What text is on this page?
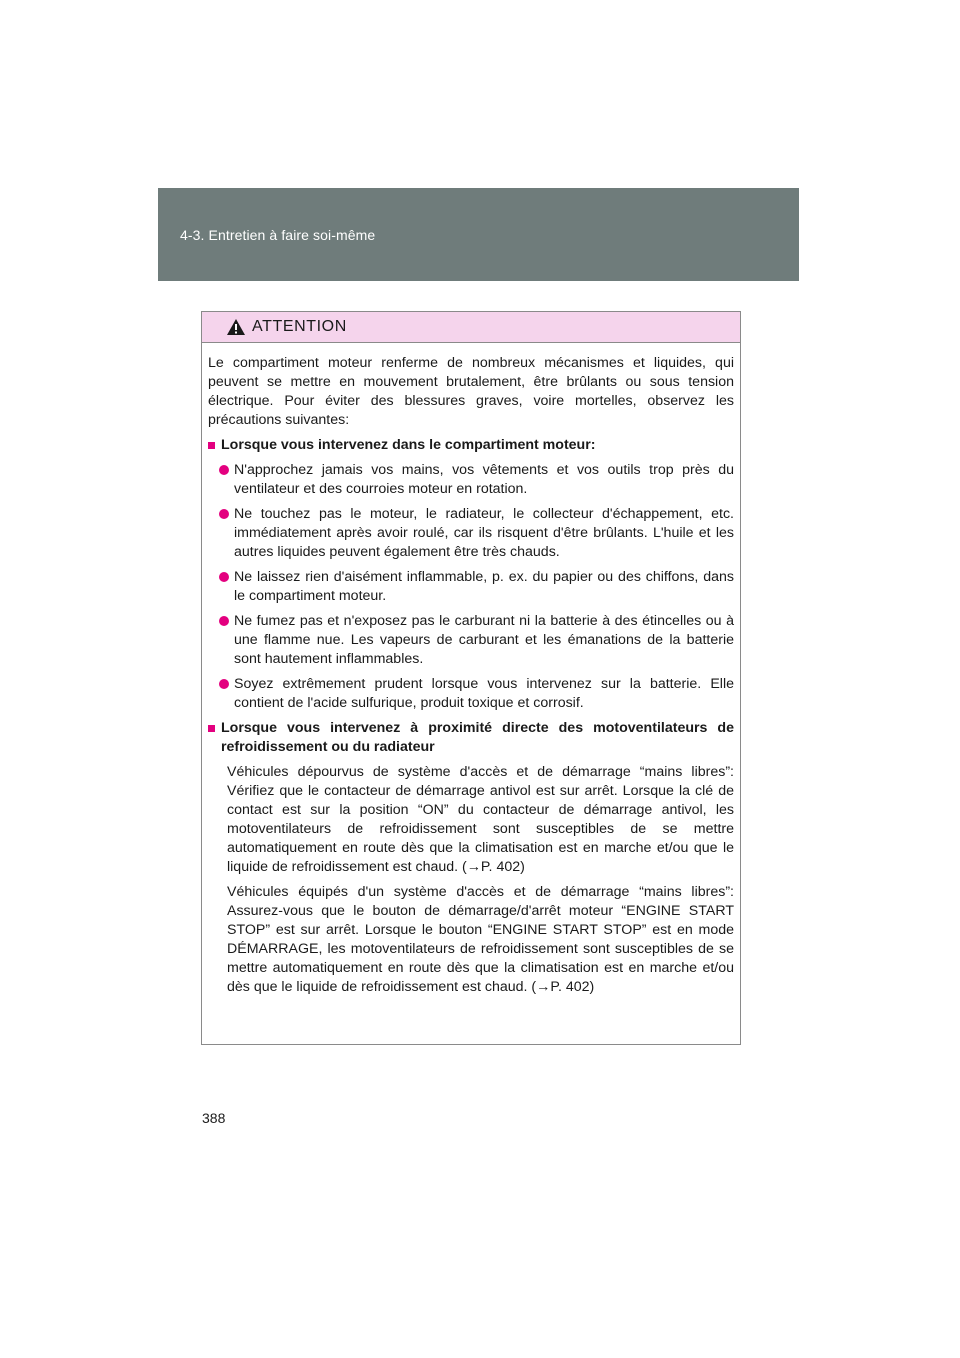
4-3. Entretien à faire soi-même
ATTENTION

Le compartiment moteur renferme de nombreux mécanismes et liquides, qui peuvent se mettre en mouvement brutalement, être brûlants ou sous tension électrique. Pour éviter des blessures graves, voire mortelles, observez les précautions suivantes:

Lorsque vous intervenez dans le compartiment moteur:
N'approchez jamais vos mains, vos vêtements et vos outils trop près du ventilateur et des courroies moteur en rotation.
Ne touchez pas le moteur, le radiateur, le collecteur d'échappement, etc. immédiatement après avoir roulé, car ils risquent d'être brûlants. L'huile et les autres liquides peuvent également être très chauds.
Ne laissez rien d'aisément inflammable, p. ex. du papier ou des chiffons, dans le compartiment moteur.
Ne fumez pas et n'exposez pas le carburant ni la batterie à des étincelles ou à une flamme nue. Les vapeurs de carburant et les émanations de la batterie sont hautement inflammables.
Soyez extrêmement prudent lorsque vous intervenez sur la batterie. Elle contient de l'acide sulfurique, produit toxique et corrosif.
Lorsque vous intervenez à proximité directe des motoventilateurs de refroidissement ou du radiateur

Véhicules dépourvus de système d'accès et de démarrage “mains libres”: Vérifiez que le contacteur de démarrage antivol est sur arrêt. Lorsque la clé de contact est sur la position “ON” du contacteur de démarrage antivol, les motoventilateurs de refroidissement sont susceptibles de se mettre automatiquement en route dès que la climatisation est en marche et/ou que le liquide de refroidissement est chaud. (→P. 402)

Véhicules équipés d'un système d'accès et de démarrage “mains libres”: Assurez-vous que le bouton de démarrage/d'arrêt moteur “ENGINE START STOP” est sur arrêt. Lorsque le bouton “ENGINE START STOP” est en mode DÉMARRAGE, les motoventilateurs de refroidissement sont susceptibles de se mettre automatiquement en route dès que la climatisation est en marche et/ou dès que le liquide de refroidissement est chaud. (→P. 402)

388
